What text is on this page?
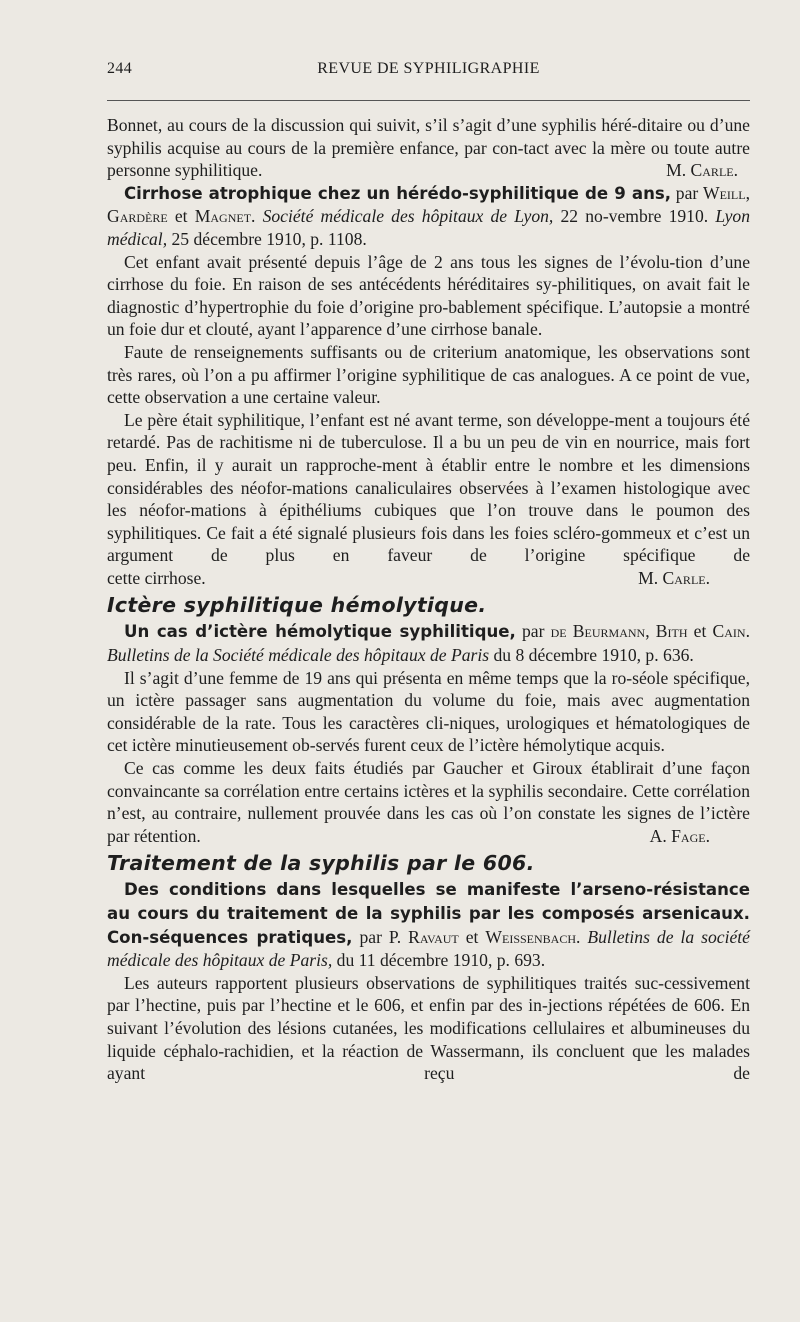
244	REVUE DE SYPHILIGRAPHIE

Bonnet, au cours de la discussion qui suivit, s’il s’agit d’une syphilis héré-ditaire ou d’une syphilis acquise au cours de la première enfance, par con-tact avec la mère ou toute autre personne syphilitique.	M. Carle.

Cirrhose atrophique chez un hérédo-syphilitique de 9 ans, par Weill, Gardère et Magnet. Société médicale des hôpitaux de Lyon, 22 no-vembre 1910. Lyon médical, 25 décembre 1910, p. 1108.

Cet enfant avait présenté depuis l’âge de 2 ans tous les signes de l’évolu-tion d’une cirrhose du foie. En raison de ses antécédents héréditaires sy-philitiques, on avait fait le diagnostic d’hypertrophie du foie d’origine pro-bablement spécifique. L’autopsie a montré un foie dur et clouté, ayant l’apparence d’une cirrhose banale.

Faute de renseignements suffisants ou de criterium anatomique, les observations sont très rares, où l’on a pu affirmer l’origine syphilitique de cas analogues. A ce point de vue, cette observation a une certaine valeur.

Le père était syphilitique, l’enfant est né avant terme, son développe-ment a toujours été retardé. Pas de rachitisme ni de tuberculose. Il a bu un peu de vin en nourrice, mais fort peu. Enfin, il y aurait un rapproche-ment à établir entre le nombre et les dimensions considérables des néofor-mations canaliculaires observées à l’examen histologique avec les néofor-mations à épithéliums cubiques que l’on trouve dans le poumon des syphilitiques. Ce fait a été signalé plusieurs fois dans les foies scléro-gommeux et c’est un argument de plus en faveur de l’origine spécifique de

cette cirrhose.	M. Carle.
Ictère syphilitique hémolytique.

Un cas d’ictère hémolytique syphilitique, par de Beurmann, Bith et Cain. Bulletins de la Société médicale des hôpitaux de Paris du 8 décembre 1910, p. 636.

Il s’agit d’une femme de 19 ans qui présenta en même temps que la ro-séole spécifique, un ictère passager sans augmentation du volume du foie, mais avec augmentation considérable de la rate. Tous les caractères cli-niques, urologiques et hématologiques de cet ictère minutieusement ob-servés furent ceux de l’ictère hémolytique acquis.

Ce cas comme les deux faits étudiés par Gaucher et Giroux établirait d’une façon convaincante sa corrélation entre certains ictères et la syphilis secondaire. Cette corrélation n’est, au contraire, nullement prouvée dans les cas où l’on constate les signes de l’ictère par rétention.	A. Fage.

Traitement de la syphilis par le 606.

Des conditions dans lesquelles se manifeste l’arseno-résistance au cours du traitement de la syphilis par les composés arsenicaux. Con-séquences pratiques, par P. Ravaut et Weissenbach. Bulletins de la société médicale des hôpitaux de Paris, du 11 décembre 1910, p. 693.

Les auteurs rapportent plusieurs observations de syphilitiques traités suc-cessivement par l’hectine, puis par l’hectine et le 606, et enfin par des in-jections répétées de 606. En suivant l’évolution des lésions cutanées, les modifications cellulaires et albumineuses du liquide céphalo-rachidien, et la réaction de Wassermann, ils concluent que les malades ayant reçu de
